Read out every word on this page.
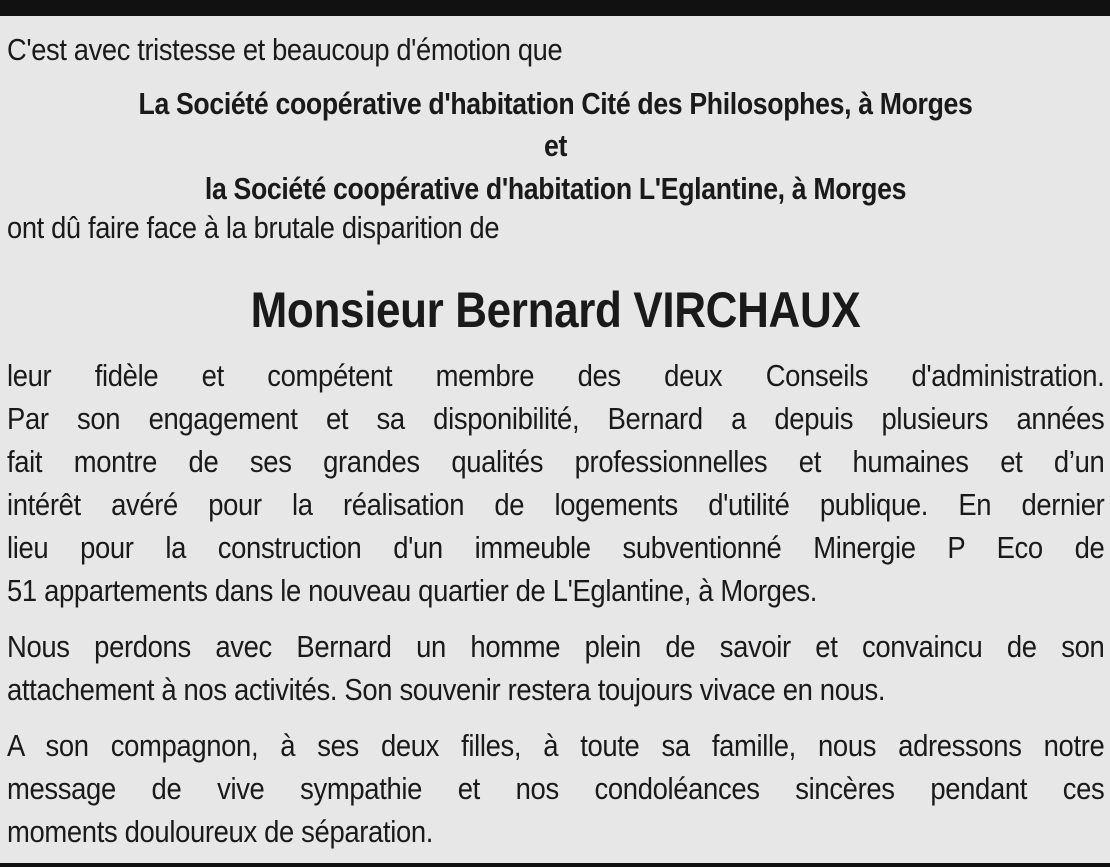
C'est avec tristesse et beaucoup d'émotion que

La Société coopérative d'habitation Cité des Philosophes, à Morges

et

la Société coopérative d'habitation L'Eglantine, à Morges

ont dû faire face à la brutale disparition de

Monsieur Bernard VIRCHAUX

leur fidèle et compétent membre des deux Conseils d'administration.
Par son engagement et sa disponibilité, Bernard a depuis plusieurs années
fait montre de ses grandes qualités professionnelles et humaines et d’un
intérêt avéré pour la réalisation de logements d'utilité publique. En dernier
lieu pour la construction d'un immeuble subventionné Minergie P Eco de
51 appartements dans le nouveau quartier de L'Eglantine, à Morges.
Nous perdons avec Bernard un homme plein de savoir et convaincu de son
attachement à nos activités. Son souvenir restera toujours vivace en nous.
A son compagnon, à ses deux filles, à toute sa famille, nous adressons notre
message de vive sympathie et nos condoléances sincères pendant ces
moments douloureux de séparation.
